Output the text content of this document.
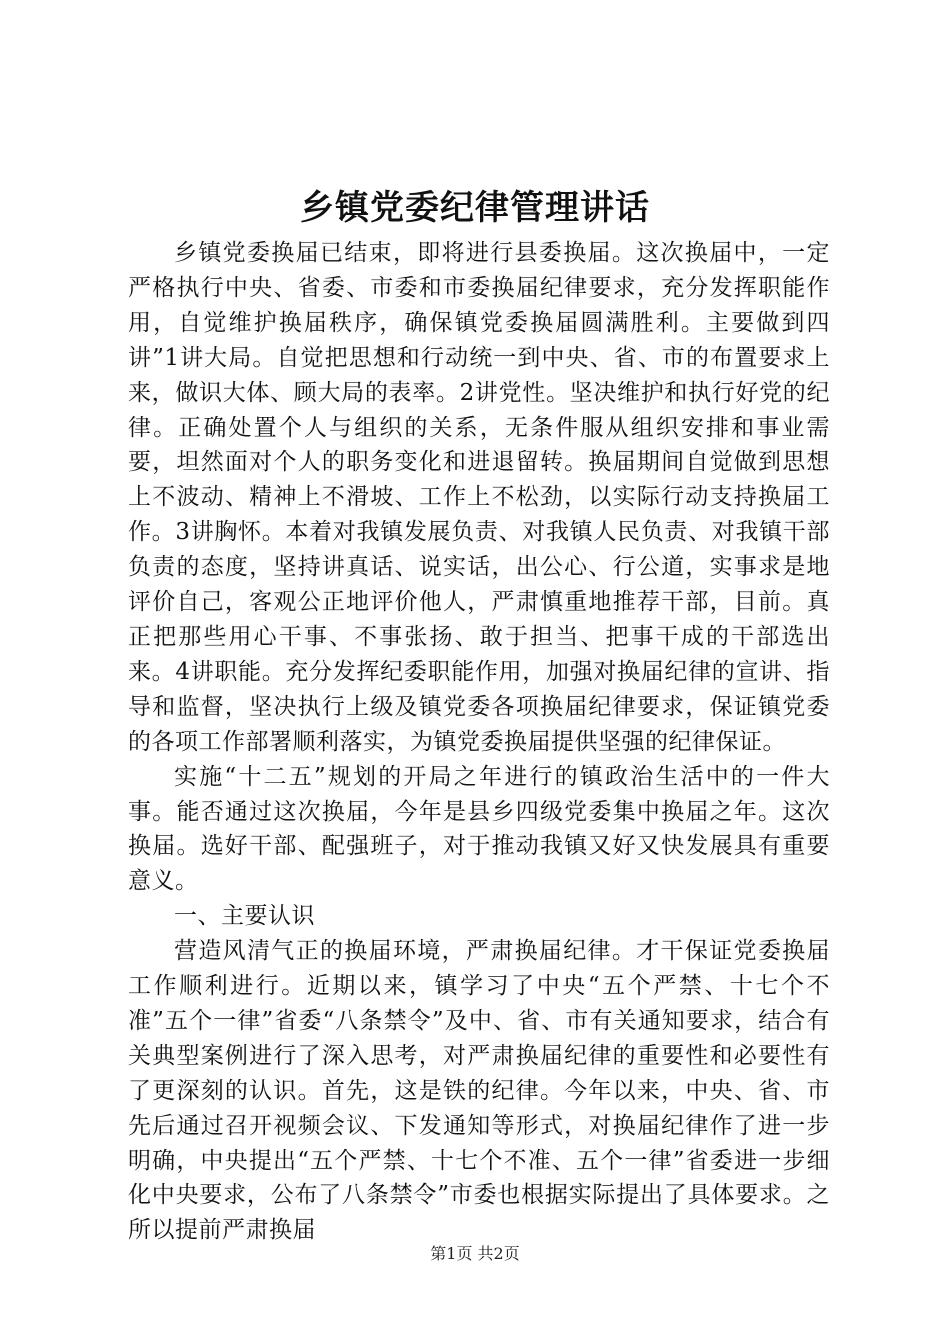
乡镇党委纪律管理讲话

乡镇党委换届已结束，即将进行县委换届。这次换届中，一定严格执行中央、省委、市委和市委换届纪律要求，充分发挥职能作用，自觉维护换届秩序，确保镇党委换届圆满胜利。主要做到四讲”1讲大局。自觉把思想和行动统一到中央、省、市的布置要求上来，做识大体、顾大局的表率。2讲党性。坚决维护和执行好党的纪律。正确处置个人与组织的关系，无条件服从组织安排和事业需要，坦然面对个人的职务变化和进退留转。换届期间自觉做到思想上不波动、精神上不滑坡、工作上不松劲，以实际行动支持换届工作。3讲胸怀。本着对我镇发展负责、对我镇人民负责、对我镇干部负责的态度，坚持讲真话、说实话，出公心、行公道，实事求是地评价自己，客观公正地评价他人，严肃慎重地推荐干部，目前。真正把那些用心干事、不事张扬、敢于担当、把事干成的干部选出来。4讲职能。充分发挥纪委职能作用，加强对换届纪律的宣讲、指导和监督，坚决执行上级及镇党委各项换届纪律要求，保证镇党委的各项工作部署顺利落实，为镇党委换届提供坚强的纪律保证。

实施“十二五”规划的开局之年进行的镇政治生活中的一件大事。能否通过这次换届，今年是县乡四级党委集中换届之年。这次换届。选好干部、配强班子，对于推动我镇又好又快发展具有重要意义。

一、主要认识

营造风清气正的换届环境，严肃换届纪律。才干保证党委换届工作顺利进行。近期以来，镇学习了中央“五个严禁、十七个不准”五个一律”省委“八条禁令”及中、省、市有关通知要求，结合有关典型案例进行了深入思考，对严肃换届纪律的重要性和必要性有了更深刻的认识。首先，这是铁的纪律。今年以来，中央、省、市先后通过召开视频会议、下发通知等形式，对换届纪律作了进一步明确，中央提出“五个严禁、十七个不准、五个一律”省委进一步细化中央要求，公布了八条禁令”市委也根据实际提出了具体要求。之所以提前严肃换届

第1页 共2页
